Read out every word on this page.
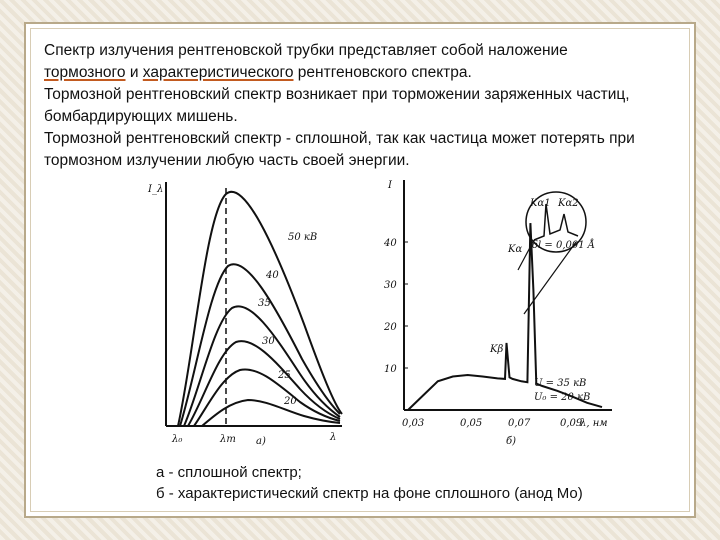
Спектр излучения рентгеновской трубки представляет собой наложение
тормозного и характеристического рентгеновского спектра.

Тормозной рентгеновский спектр возникает при торможении заряженных частиц, бомбардирующих мишень.

Тормозной рентгеновский спектр - сплошной, так как частица может потерять при тормозном излучении любую часть своей энергии.

I_λ
50 кВ
40
35
30
25
20
λ₀	λm	λ
а)
10
20
30
40
I
Kβ
Kα
Kα1 Kα2
δl = 0,001 Å
U = 35 кВ
U₀ = 20 кВ
0,03	0,05	0,07	0,09
λ, нм
б)

а - сплошной спектр;

б - характеристический спектр на фоне сплошного (анод Мо)
